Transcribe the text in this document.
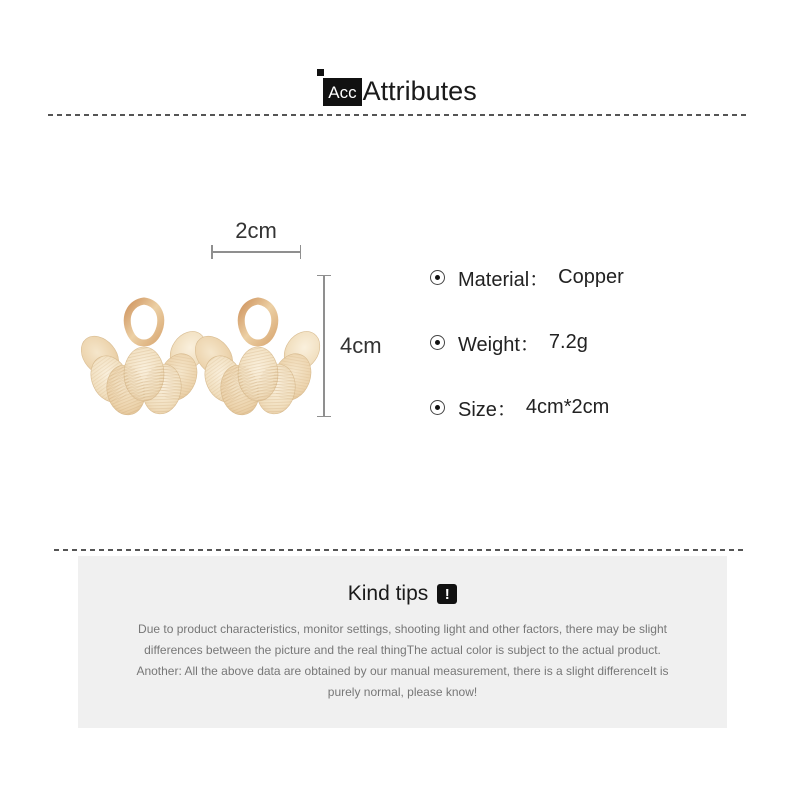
Acc Attributes
2cm
4cm
Material： Copper
Weight： 7.2g
Size： 4cm*2cm
Kind tips	!
Due to product characteristics, monitor settings, shooting light and other factors, there may be slight
differences between the picture and the real thingThe actual color is subject to the actual product.
Another: All the above data are obtained by our manual measurement, there is a slight differenceIt is
purely normal, please know!
